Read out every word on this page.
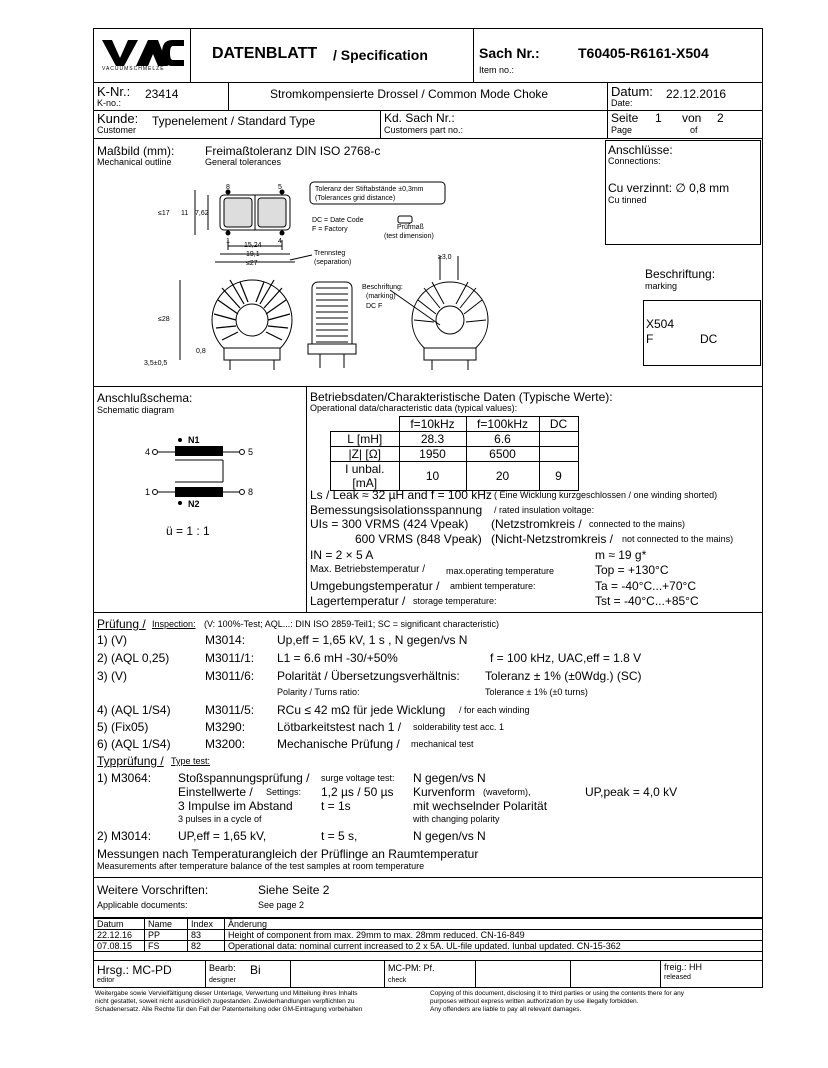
VACUUMSCHMELZE
DATENBLATT / Specification	Sach Nr.:	T60405-R6161-X504
Item no.:
K-Nr.: 23414
K-no.:
Stromkompensierte Drossel / Common Mode Choke	Datum: 22.12.2016
Date:
Kunde: Typenelement / Standard Type
Customer
Kd. Sach Nr.:
Customers part no.:
Seite 1 von 2
Page	of
Maßbild (mm):
Mechanical outline
Freimaßtoleranz DIN ISO 2768-c
General tolerances
Anschlüsse:
Connections:
Cu verzinnt: ∅ 0,8 mm
Cu tinned
Beschriftung:
marking
X504
F	DC
8	5
1	4
≤17 11 7,62
15,24
19,1
≤27
≤28
0,8
3,5±0,5
≥3,0
Toleranz der Stiftabstände ±0,3mm
(Tolerances grid distance)
DC = Date Code
F = Factory	Prüfmaß
(test dimension)
Trennsteg
(separation)
Beschriftung:
(marking)
DC F
Anschlußschema:
Schematic diagram
N1
N2
4	5
1	8
ü = 1 : 1
Betriebsdaten/Charakteristische Daten (Typische Werte):
Operational data/characteristic data (typical values):
	f=10kHz	f=100kHz	DC
L [mH]	28.3	6.6	
|Z| [Ω]	1950	6500	
I unbal. [mA]	10	20	9
Ls / Leak ≈ 32 µH and f = 100 kHz ( Eine Wicklung kurzgeschlossen / one winding shorted)
Bemessungsisolationsspannung / rated insulation voltage:
UIs = 300 VRMS (424 Vpeak) (Netzstromkreis / connected to the mains)
600 VRMS (848 Vpeak) (Nicht-Netzstromkreis / not connected to the mains)
IN = 2 × 5 A	m ≈ 19 g*
Max. Betriebstemperatur / max.operating temperature	Top = +130°C
Umgebungstemperatur / ambient temperature:	Ta = -40°C...+70°C
Lagertemperatur / storage temperature:	Tst = -40°C...+85°C
Prüfung / Inspection: (V: 100%-Test; AQL...: DIN ISO 2859-Teil1; SC = significant characteristic)
1) (V)	M3014:	Up,eff = 1,65 kV, 1 s , N gegen/vs N
2) (AQL 0,25)	M3011/1: L1 = 6.6 mH -30/+50%	f = 100 kHz, UAC,eff = 1.8 V
3) (V)	M3011/6: Polarität / Übersetzungsverhältnis: Toleranz ± 1% (±0Wdg.) (SC)
Polarity / Turns ratio:	Tolerance ± 1% (±0 turns)
4) (AQL 1/S4)	M3011/5: RCu ≤ 42 mΩ für jede Wicklung / for each winding
5) (Fix05)	M3290:	Lötbarkeitstest nach 1 / solderability test acc. 1
6) (AQL 1/S4)	M3200:	Mechanische Prüfung / mechanical test
Typprüfung / Type test:
1) M3064: Stoßspannungsprüfung / surge voltage test: N gegen/vs N
Einstellwerte / Settings: 1,2 µs / 50 µs Kurvenform (waveform),	UP,peak = 4,0 kV
3 Impulse im Abstand t = 1s	mit wechselnder Polarität
3 pulses in a cycle of	with changing polarity
2) M3014: UP,eff = 1,65 kV,	t = 5 s,	N gegen/vs N
Messungen nach Temperaturangleich der Prüflinge an Raumtemperatur
Measurements after temperature balance of the test samples at room temperature
Weitere Vorschriften:
Applicable documents:
Siehe Seite 2
See page 2
Datum	Name	Index	Änderung
22.12.16	PP	83	Height of component from max. 29mm to max. 28mm reduced. CN-16-849
07.08.15	FS	82	Operational data: nominal current increased to 2 x 5A. UL-file updated. Iunbal updated. CN-15-362
Hrsg.: MC-PD
editor
Bearb: Bi
designer
MC-PM: Pf.
check
freig.: HH
released
Weitergabe sowie Vervielfältigung dieser Unterlage, Verwertung und Mitteilung ihres Inhalts
nicht gestattet, soweit nicht ausdrücklich zugestanden. Zuwiderhandlungen verpflichten zu
Schadenersatz. Alle Rechte für den Fall der Patenterteilung oder GM-Eintragung vorbehalten
Copying of this document, disclosing it to third parties or using the contents there for any
purposes without express written authorization by use illegally forbidden.
Any offenders are liable to pay all relevant damages.
